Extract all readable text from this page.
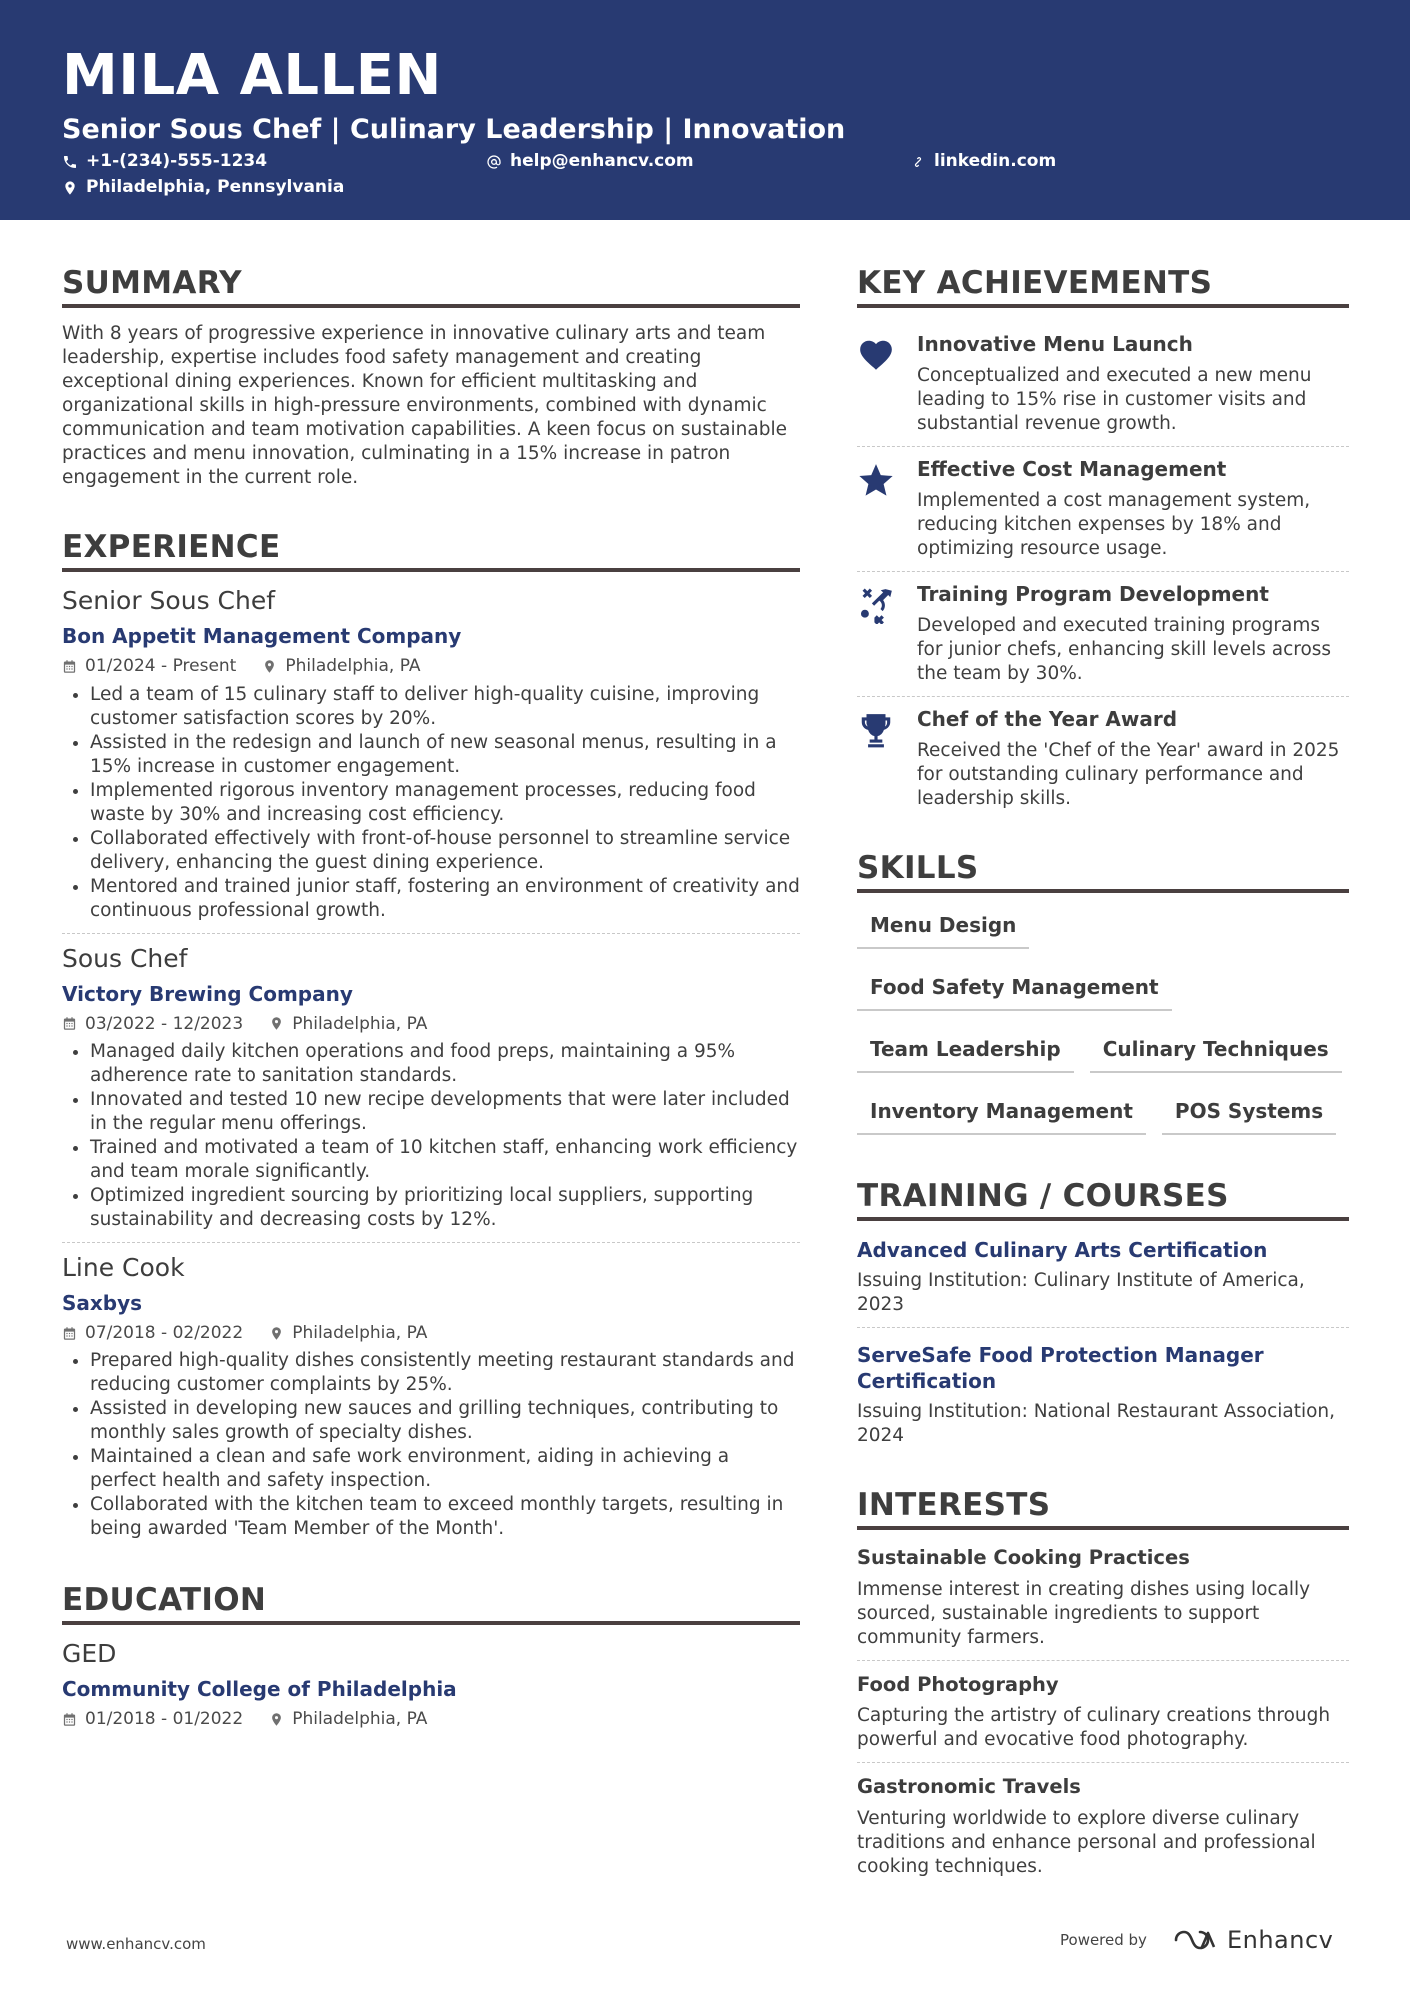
MILA ALLEN
Senior Sous Chef | Culinary Leadership | Innovation
+1-(234)-555-1234	help@enhancv.com	linkedin.com
Philadelphia, Pennsylvania
SUMMARY
With 8 years of progressive experience in innovative culinary arts and team leadership, expertise includes food safety management and creating exceptional dining experiences. Known for efficient multitasking and organizational skills in high-pressure environments, combined with dynamic communication and team motivation capabilities. A keen focus on sustainable practices and menu innovation, culminating in a 15% increase in patron engagement in the current role.
EXPERIENCE
Senior Sous Chef
Bon Appetit Management Company
01/2024 - Present	Philadelphia, PA
• Led a team of 15 culinary staff to deliver high-quality cuisine, improving customer satisfaction scores by 20%.
• Assisted in the redesign and launch of new seasonal menus, resulting in a 15% increase in customer engagement.
• Implemented rigorous inventory management processes, reducing food waste by 30% and increasing cost efficiency.
• Collaborated effectively with front-of-house personnel to streamline service delivery, enhancing the guest dining experience.
• Mentored and trained junior staff, fostering an environment of creativity and continuous professional growth.
Sous Chef
Victory Brewing Company
03/2022 - 12/2023	Philadelphia, PA
• Managed daily kitchen operations and food preps, maintaining a 95% adherence rate to sanitation standards.
• Innovated and tested 10 new recipe developments that were later included in the regular menu offerings.
• Trained and motivated a team of 10 kitchen staff, enhancing work efficiency and team morale significantly.
• Optimized ingredient sourcing by prioritizing local suppliers, supporting sustainability and decreasing costs by 12%.
Line Cook
Saxbys
07/2018 - 02/2022	Philadelphia, PA
• Prepared high-quality dishes consistently meeting restaurant standards and reducing customer complaints by 25%.
• Assisted in developing new sauces and grilling techniques, contributing to monthly sales growth of specialty dishes.
• Maintained a clean and safe work environment, aiding in achieving a perfect health and safety inspection.
• Collaborated with the kitchen team to exceed monthly targets, resulting in being awarded 'Team Member of the Month'.
EDUCATION
GED
Community College of Philadelphia
01/2018 - 01/2022	Philadelphia, PA
KEY ACHIEVEMENTS
Innovative Menu Launch
Conceptualized and executed a new menu leading to 15% rise in customer visits and substantial revenue growth.
Effective Cost Management
Implemented a cost management system, reducing kitchen expenses by 18% and optimizing resource usage.
Training Program Development
Developed and executed training programs for junior chefs, enhancing skill levels across the team by 30%.
Chef of the Year Award
Received the 'Chef of the Year' award in 2025 for outstanding culinary performance and leadership skills.
SKILLS
Menu Design
Food Safety Management
Team Leadership	Culinary Techniques
Inventory Management	POS Systems
TRAINING / COURSES
Advanced Culinary Arts Certification
Issuing Institution: Culinary Institute of America, 2023
ServeSafe Food Protection Manager Certification
Issuing Institution: National Restaurant Association, 2024
INTERESTS
Sustainable Cooking Practices
Immense interest in creating dishes using locally sourced, sustainable ingredients to support community farmers.
Food Photography
Capturing the artistry of culinary creations through powerful and evocative food photography.
Gastronomic Travels
Venturing worldwide to explore diverse culinary traditions and enhance personal and professional cooking techniques.
www.enhancv.com	Powered by	Enhancv
